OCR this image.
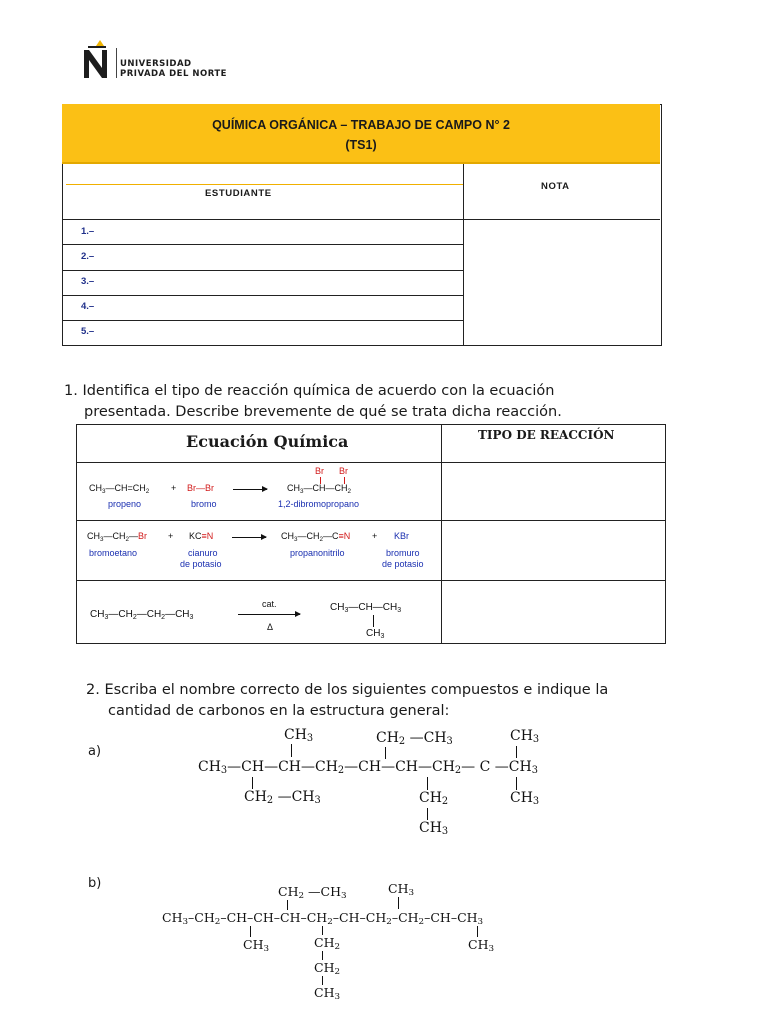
UNIVERSIDAD
PRIVADA DEL NORTE
QUÍMICA ORGÁNICA – TRABAJO DE CAMPO N° 2
(TS1)
ESTUDIANTE
NOTA
1.–
2.–
3.–
4.–
5.–
1. Identifica el tipo de reacción química de acuerdo con la ecuación
presentada. Describe brevemente de qué se trata dicha reacción.
Ecuación Química	TIPO DE REACCIÓN
$CH_3—CH=CH_2$ + Br—Br →
Br Br
$CH_3—CH—CH_2$
propeno	bromo	1,2-dibromopropano
$CH_3—CH_2—Br + KC\equiv N$ → $CH_3—CH_2—C\equiv N$ + KBr
bromoetano	cianuro
de potasio
propanonitrilo	bromuro
de potasio
$CH_3—CH_2—CH_2—CH_3$
cat.
Δ
$CH_3—CH—CH_3$
$CH_3$
2. Escriba el nombre correcto de los siguientes compuestos e indique la
cantidad de carbonos en la estructura general:
a)
$CH_3$	$CH_2$ $—CH_3$	$CH_3$
$CH_3—CH—CH—CH_2—CH—CH—CH_2—$ C $—CH_3$
$CH_2$ $—CH_3$	$CH_2$
$CH_3$
$CH_3$
b)
$CH_2$ $—CH_3$	$CH_3$
$CH_3-CH_2-CH-CH-CH-CH_2-CH-CH_2-CH_2-CH-CH_3$
$CH_3$	$CH_2$
$CH_2$
$CH_3$
$CH_3$
